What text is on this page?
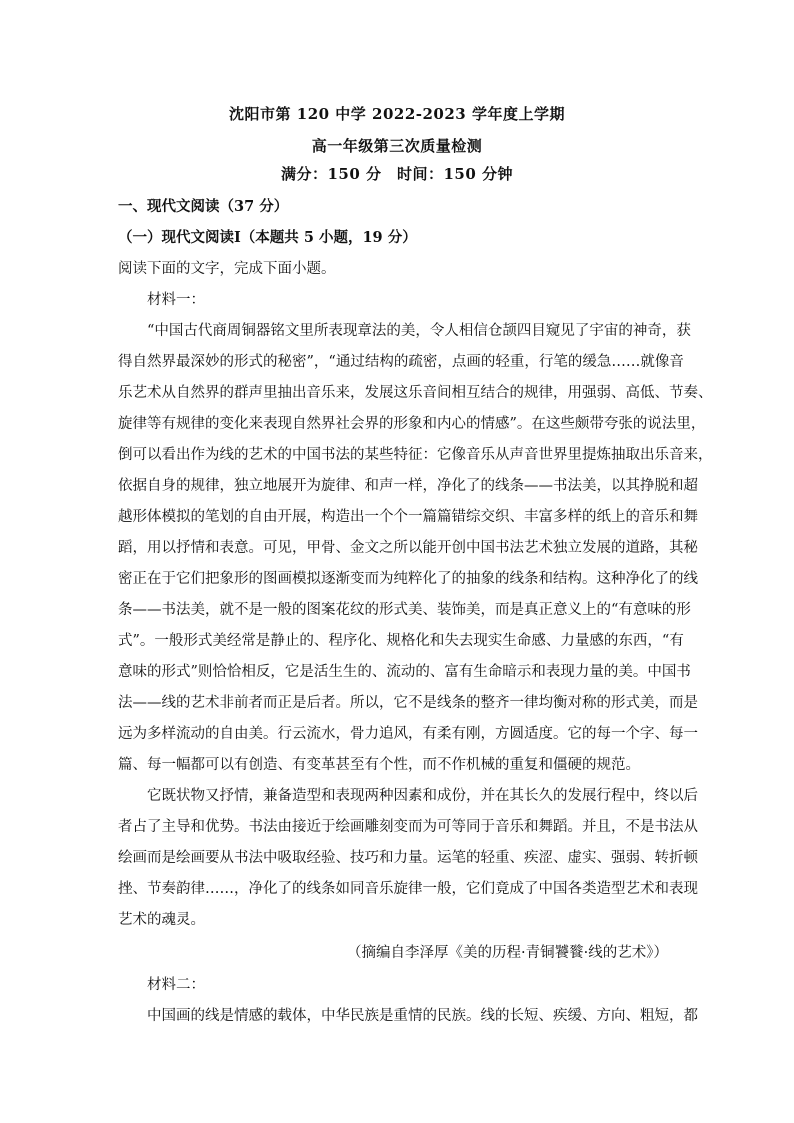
沈阳市第 120 中学 2022-2023 学年度上学期
高一年级第三次质量检测
满分：150 分　时间：150 分钟
一、现代文阅读（37 分）
（一）现代文阅读Ⅰ（本题共 5 小题，19 分）
阅读下面的文字，完成下面小题。
材料一：
“中国古代商周铜器铭文里所表现章法的美，令人相信仓颉四目窥见了宇宙的神奇，获
得自然界最深妙的形式的秘密”，“通过结构的疏密，点画的轻重，行笔的缓急……就像音
乐艺术从自然界的群声里抽出音乐来，发展这乐音间相互结合的规律，用强弱、高低、节奏、
旋律等有规律的变化来表现自然界社会界的形象和内心的情感”。在这些颇带夸张的说法里，
倒可以看出作为线的艺术的中国书法的某些特征：它像音乐从声音世界里提炼抽取出乐音来，
依据自身的规律，独立地展开为旋律、和声一样，净化了的线条——书法美，以其挣脱和超
越形体模拟的笔划的自由开展，构造出一个个一篇篇错综交织、丰富多样的纸上的音乐和舞
蹈，用以抒情和表意。可见，甲骨、金文之所以能开创中国书法艺术独立发展的道路，其秘
密正在于它们把象形的图画模拟逐渐变而为纯粹化了的抽象的线条和结构。这种净化了的线
条——书法美，就不是一般的图案花纹的形式美、装饰美，而是真正意义上的“有意味的形
式”。一般形式美经常是静止的、程序化、规格化和失去现实生命感、力量感的东西，“有
意味的形式”则恰恰相反，它是活生生的、流动的、富有生命暗示和表现力量的美。中国书
法——线的艺术非前者而正是后者。所以，它不是线条的整齐一律均衡对称的形式美，而是
远为多样流动的自由美。行云流水，骨力追风，有柔有刚，方圆适度。它的每一个字、每一
篇、每一幅都可以有创造、有变革甚至有个性，而不作机械的重复和僵硬的规范。
它既状物又抒情，兼备造型和表现两种因素和成份，并在其长久的发展行程中，终以后
者占了主导和优势。书法由接近于绘画雕刻变而为可等同于音乐和舞蹈。并且，不是书法从
绘画而是绘画要从书法中吸取经验、技巧和力量。运笔的轻重、疾涩、虚实、强弱、转折顿
挫、节奏韵律……，净化了的线条如同音乐旋律一般，它们竟成了中国各类造型艺术和表现
艺术的魂灵。
（摘编自李泽厚《美的历程·青铜饕餮·线的艺术》）
材料二：
中国画的线是情感的载体，中华民族是重情的民族。线的长短、疾缓、方向、粗短，都
